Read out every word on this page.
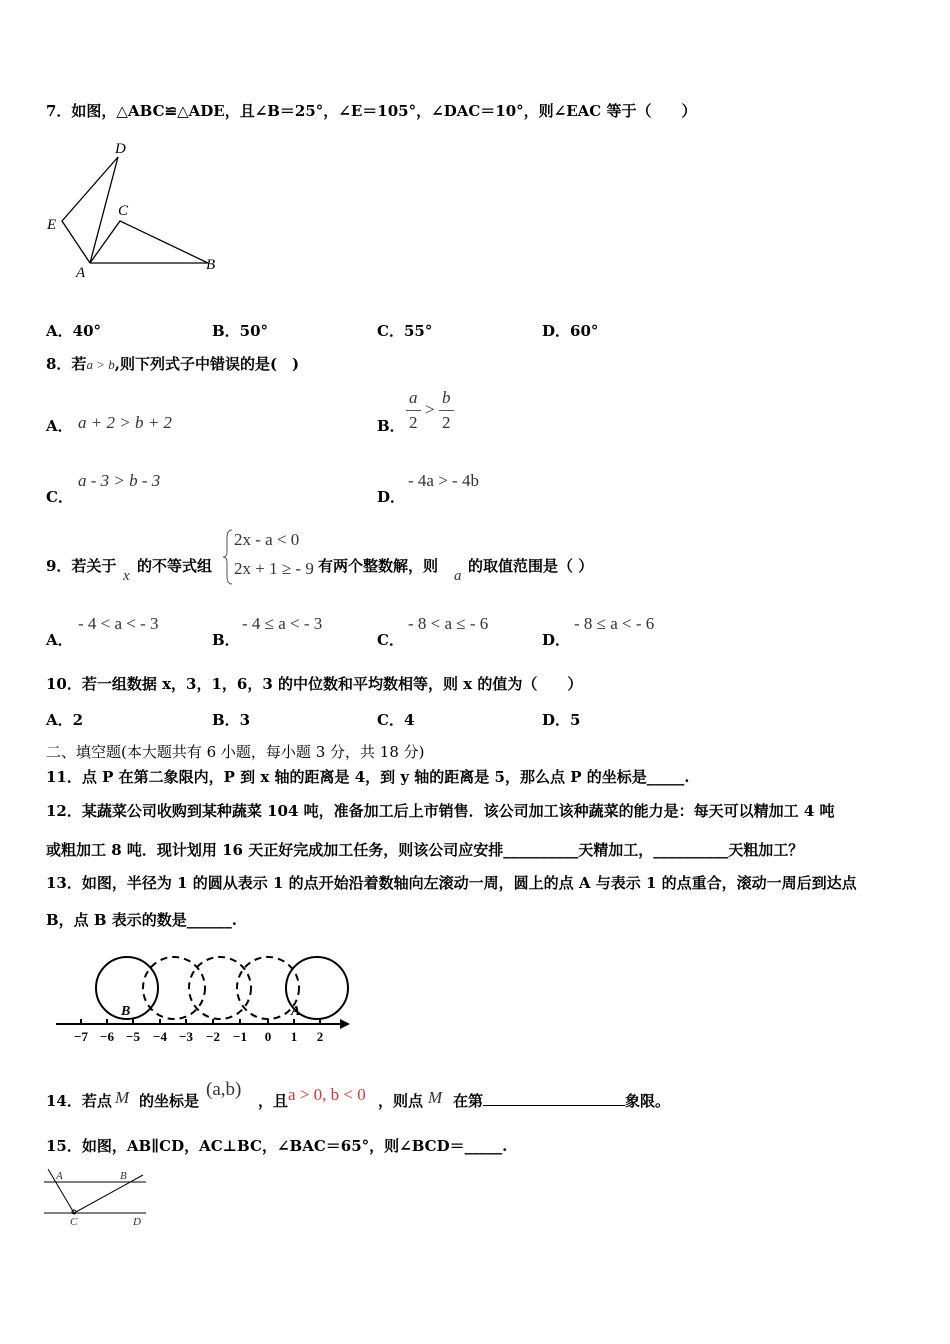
7．如图，△ABC≌△ADE，且∠B＝25°，∠E＝105°，∠DAC＝10°，则∠EAC 等于（　　）
D
C
E
A	B
A．40°	B．50°	C．55°	D．60°
8．若a > b,则下列式子中错误的是(　)
A． a + 2 > b + 2	B．
a
2
>
b
2
C．
a - 3 > b - 3
D．
- 4a > - 4b
9．若关于
x
的不等式组
2x - a < 0
2x + 1 ≥ - 9 有两个整数解，则
a
的取值范围是（ ）
A．
- 4 < a < - 3
B．
- 4 ≤ a < - 3
C．
- 8 < a ≤ - 6
D．
- 8 ≤ a < - 6
10．若一组数据 x，3，1，6，3 的中位数和平均数相等，则 x 的值为（　　）
A．2	B．3	C．4	D．5
二、填空题(本大题共有 6 小题，每小题 3 分，共 18 分)
11．点 P 在第二象限内，P 到 x 轴的距离是 4，到 y 轴的距离是 5，那么点 P 的坐标是_____.
12．某蔬菜公司收购到某种蔬菜 104 吨，准备加工后上市销售．该公司加工该种蔬菜的能力是：每天可以精加工 4 吨
或粗加工 8 吨．现计划用 16 天正好完成加工任务，则该公司应安排__________天精加工，__________天粗加工？
13．如图，半径为 1 的圆从表示 1 的点开始沿着数轴向左滚动一周，圆上的点 A 与表示 1 的点重合，滚动一周后到达点
B，点 B 表示的数是______.
B	A
−7 −6 −5 −4 −3 −2 −1 0 1 2
14．若点 M 的坐标是
(a,b)
，且 a > 0, b < 0 ，则点 M 在第	象限。
15．如图，AB∥CD，AC⊥BC，∠BAC＝65°，则∠BCD＝_____.
A	B
C	D
